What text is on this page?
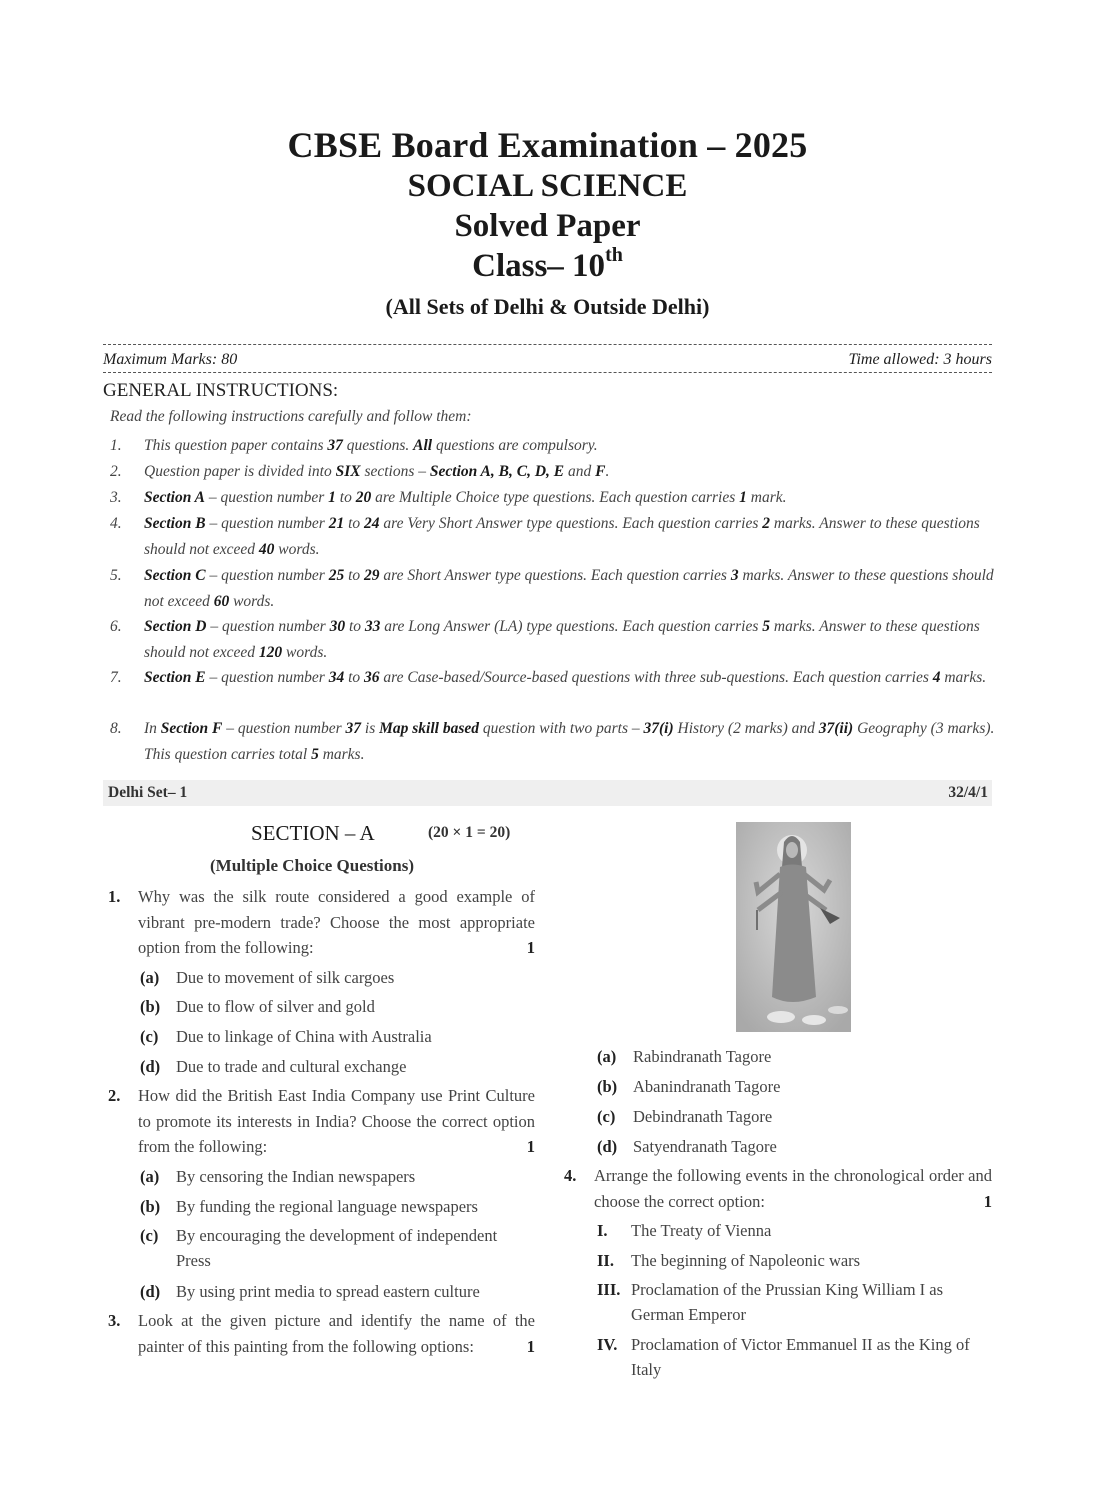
CBSE Board Examination – 2025
SOCIAL SCIENCE
Solved Paper
Class– 10th
(All Sets of Delhi & Outside Delhi)
Maximum Marks: 80	Time allowed: 3 hours
GENERAL INSTRUCTIONS:
Read the following instructions carefully and follow them:
1. This question paper contains 37 questions. All questions are compulsory.
2. Question paper is divided into SIX sections – Section A, B, C, D, E and F.
3. Section A – question number 1 to 20 are Multiple Choice type questions. Each question carries 1 mark.
4. Section B – question number 21 to 24 are Very Short Answer type questions. Each question carries 2 marks. Answer to these questions should not exceed 40 words.
5. Section C – question number 25 to 29 are Short Answer type questions. Each question carries 3 marks. Answer to these questions should not exceed 60 words.
6. Section D – question number 30 to 33 are Long Answer (LA) type questions. Each question carries 5 marks. Answer to these questions should not exceed 120 words.
7. Section E – question number 34 to 36 are Case-based/Source-based questions with three sub-questions. Each question carries 4 marks.
8. In Section F – question number 37 is Map skill based question with two parts – 37(i) History (2 marks) and 37(ii) Geography (3 marks). This question carries total 5 marks.
Delhi Set– 1	32/4/1
SECTION – A	(20 × 1 = 20)
(Multiple Choice Questions)
1. Why was the silk route considered a good example of vibrant pre-modern trade? Choose the most appropriate option from the following:	1
(a) Due to movement of silk cargoes
(b) Due to flow of silver and gold
(c) Due to linkage of China with Australia
(d) Due to trade and cultural exchange
2. How did the British East India Company use Print Culture to promote its interests in India? Choose the correct option from the following:	1
(a) By censoring the Indian newspapers
(b) By funding the regional language newspapers
(c) By encouraging the development of independent Press
(d) By using print media to spread eastern culture
3. Look at the given picture and identify the name of the painter of this painting from the following options:	1
(a) Rabindranath Tagore
(b) Abanindranath Tagore
(c) Debindranath Tagore
(d) Satyendranath Tagore
4. Arrange the following events in the chronological order and choose the correct option:	1
I. The Treaty of Vienna
II. The beginning of Napoleonic wars
III. Proclamation of the Prussian King William I as German Emperor
IV. Proclamation of Victor Emmanuel II as the King of Italy
